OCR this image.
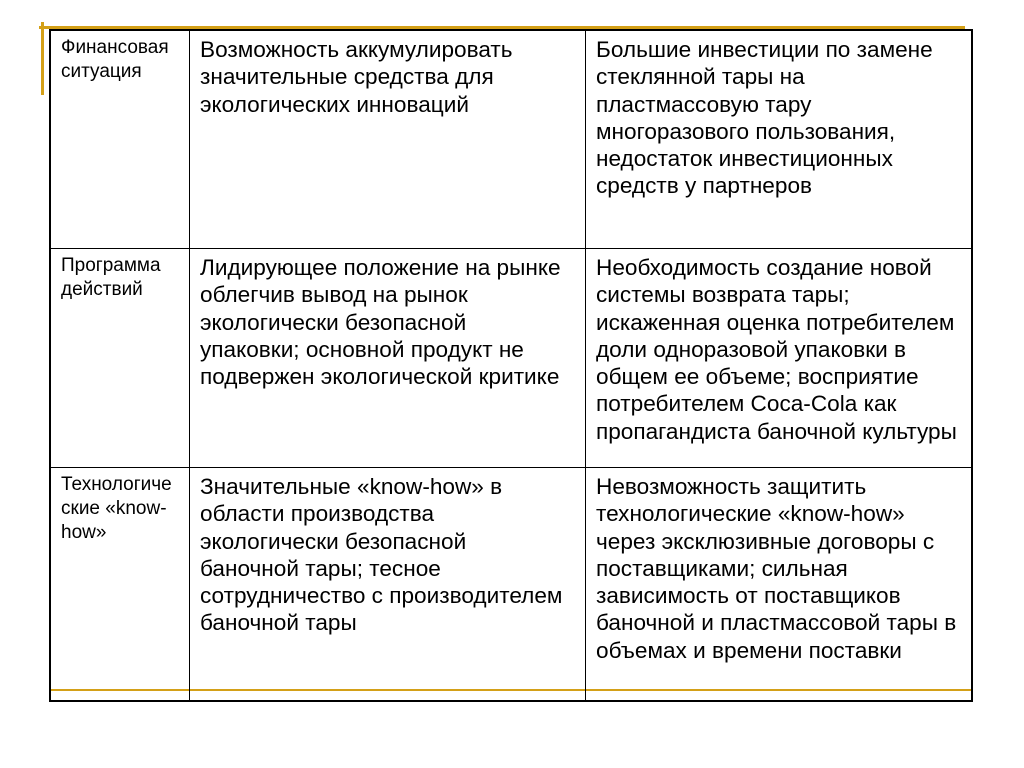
Финансовая
ситуация
Возможность аккумулировать
значительные средства для
экологических инноваций
Большие инвестиции по замене
стеклянной тары на
пластмассовую тару
многоразового пользования,
недостаток инвестиционных
средств у партнеров
Программа
действий
Лидирующее положение на рынке
облегчив вывод на рынок
экологически безопасной
упаковки; основной продукт не
подвержен экологической критике
Необходимость создание новой
системы возврата тары;
искаженная оценка потребителем
доли одноразовой упаковки в
общем ее объеме; восприятие
потребителем Coca-Cola как
пропагандиста баночной культуры
Технологиче
ские «know-
how»
Значительные «know-how» в
области производства
экологически безопасной
баночной тары; тесное
сотрудничество с производителем
баночной тары
Невозможность защитить
технологические «know-how»
через эксклюзивные договоры с
поставщиками; сильная
зависимость от поставщиков
баночной и пластмассовой тары в
объемах и времени поставки
